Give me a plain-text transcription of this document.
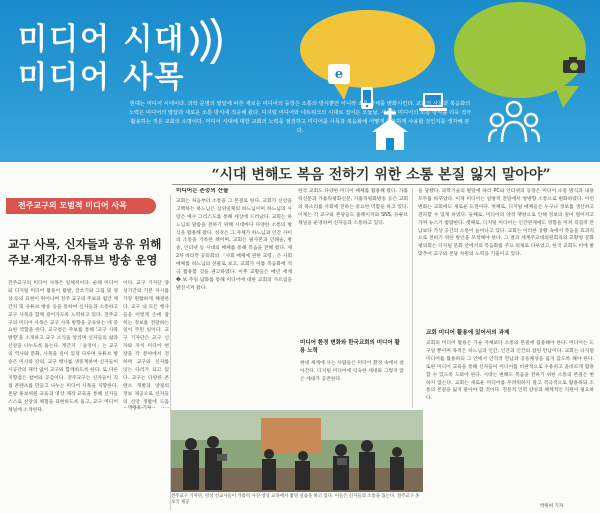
미디어 시대
미디어 사목	e
현대는 미디어 시대이다. 과학 문명의 발달에 따른 새로운 미디어의 등장은 소통의 방식뿐만 아니라 소통 자체를 변화시킨다. 교회의 사목과 복음화의 노력은 미디어의 발달과 새로운 소통 방식에 적응해 왔다. 디지털 미디어와 네트워크의 시대로 접어든 오늘날, 새로운 미디어의 소통 방식을 더욱 적극 활용하는 것은 교회의 소명이다. 미디어 시대에 대한 교회의 노력을 점검하고 미디어를 사목과 복음화에 어떻게 유용하게 사용할 것인지를 생각해 본다.
“시대 변해도 복음 전하기 위한 소통 본질 잃지 말아야”
전주교구의 모범적 미디어 사목
교구 사목, 신자들과 공유 위해 주보·계간지·유튜브 방송 운영
전주교구의 미디어 사목은 일체적이다. 순례 미디어와 디지털 미디어 활용이 활발, 글쓰기와 그림 및 영상 등의 표현이 뛰어나며 전주 교구의 주보와 월간 계간지 및 유튜브 방송 등을 통하여 신자들과 소통하고 교구 사목과 함께 걸어가도록 노력하고 있다. 전주교구의 미디어 사목은 교구 사목 방향을 공유하는 데 중요한 역할을 한다. 교구청은 주보를 통해 '교구 사목 방향'을 소개하고 교구 소식을 알리며 신자들의 삶과 신앙을 나누도록 돕는다. 계간지 「숲정이」는 교구의 역사와 문화, 사목을 깊이 있게 다루며 유튜브 방송은 미사와 강의, 교구 행사를 생중계하여 신자들이 시공간의 제약 없이 교구와 함께하도록 한다. 또 다른 지향점은 참여와 공감이다. 전주교구는 신자들이 직접 콘텐츠를 만들고 나누는 미디어 사목을 지향한다. 본당 홍보위원 교육과 영상 제작 교육을 통해 신자들 스스로 신앙의 체험을 표현하도록 돕고, 교구 미디어 채널에 소개한다.
이다. 교구 기자단 양성기간의 기본 자시를 가장 원활하게 해결한다. 교구 내 모든 행사들을 이렇게 손에 잡히는 정보를 전달하는 일이 주된 일이다. 교구 기자단은 교구 신자와 자치 미디어 현장을 각 분야에서 전하며 교구와 신자를 잇는 다리가 되고 있다. 교구는 다양한 콘텐츠 개발과 양질의 정보 제공으로 신자들의 신앙 생활에 도움
미디어는 존중의 산물
교회는 처음부터 소통을 그 본질로 한다. 교회가 신앙을 고백하는 하느님은 삼위일체의 하느님이며 하느님의 사랑은 예수 그리스도를 통해 세상에 드러났다. 교회는 하느님의 말씀을 전하기 위해 시대마다 다양한 소통의 방식을 활용해 왔다. 성경은 그 자체가 하느님과 인간 사이의 소통을 기록한 책이며, 교회는 필사본과 인쇄술, 방송, 인터넷 등 시대의 매체를 통해 복음을 전해 왔다. 제2차 바티칸 공의회의 「사회 매체에 관한 교령」은 사회 매체를 하느님의 선물로 보고, 교회가 이를 복음화에 적극 활용할 것을 권고하였다. 이후 교황들은 매년 세계 �.보 주일 담화를 통해 미디어에 대한 교회의 가르침을 발전시켜 왔다.
한국 교회도 다양한 미디어 매체를 활용해 왔다. 가톨릭신문과 가톨릭평화신문, 가톨릭평화방송 등은 교회의 목소리를 사회에 전하는 중요한 역할을 하고 있다. 이제는 각 교구와 본당들도 홈페이지와 SNS, 유튜브 채널을 운영하며 신자들과 소통하고 있다.
미디어 환경 변화와 한국교회의 미디어 활용 노력
현대 세계에 사는 사람들은 미디어 환경 속에서 살아간다. 디지털 미디어에 익숙한 세대와 그렇지 않은 세대가 공존한다.
전주교구 기자단, 영상 선교사들이 가톨릭 사진·영상 교육에서 촬영 실습을 하고 있다. 이들은 신자들의 소통을 돕는다. 전주교구 홍보국 제공
을 당했다. 과학기술의 발달에 따라 PC와 인터넷의 등장은 미디어 소통 방식과 내용 모두를 바꾸었다. 이제 미디어는 일방적 전달에서 쌍방향 소통으로 변화하였다. 이런 변화는 교회에도 새로운 도전이다. 첫째로, 디지털 매체들은 누구나 정보를 생산하고 전파할 수 있게 하였다. 둘째로, 미디어의 양적 팽창으로 인해 정보의 질이 떨어지고 가짜 뉴스가 범람한다. 셋째로, 디지털 미디어는 인간관계에도 영향을 미쳐 직접적 만남보다 가상 공간의 소통이 늘어나고 있다. 교회는 이러한 상황 속에서 복음을 효과적으로 전하기 위한 방안을 모색해야 한다. 그 결과 세계주교대의원회의와 교황청 문화평의회는 디지털 문화 안에서의 복음화를 주요 의제로 다루었고, 한국 교회도 이에 발맞추어 교구와 본당 차원의 노력을 기울이고 있다.
교회 미디어 활용에 있어서의 과제
교회의 미디어 활용은 기술 자체보다 소통의 본질에 집중해야 한다. 미디어는 도구일 뿐이며 목적은 하느님과 인간, 인간과 인간의 참된 만남이다. 교회는 디지털 미디어를 활용하되 그 안에서 인격적 만남과 공동체성을 잃지 않도록 해야 한다. 또한 미디어 교육을 통해 신자들이 미디어를 비판적으로 수용하고 올바르게 활용할 수 있도록 도와야 한다. 시대는 변해도 복음을 전하기 위한 소통의 본질은 변하지 않는다. 교회는 새로운 미디어를 두려워하지 말고 적극적으로 활용하되 소통의 본질을 잃지 말아야 할 것이다. 전문적 인력 양성과 체계적인 지원이 필요하다.
박원희 기자
박영호 기자
